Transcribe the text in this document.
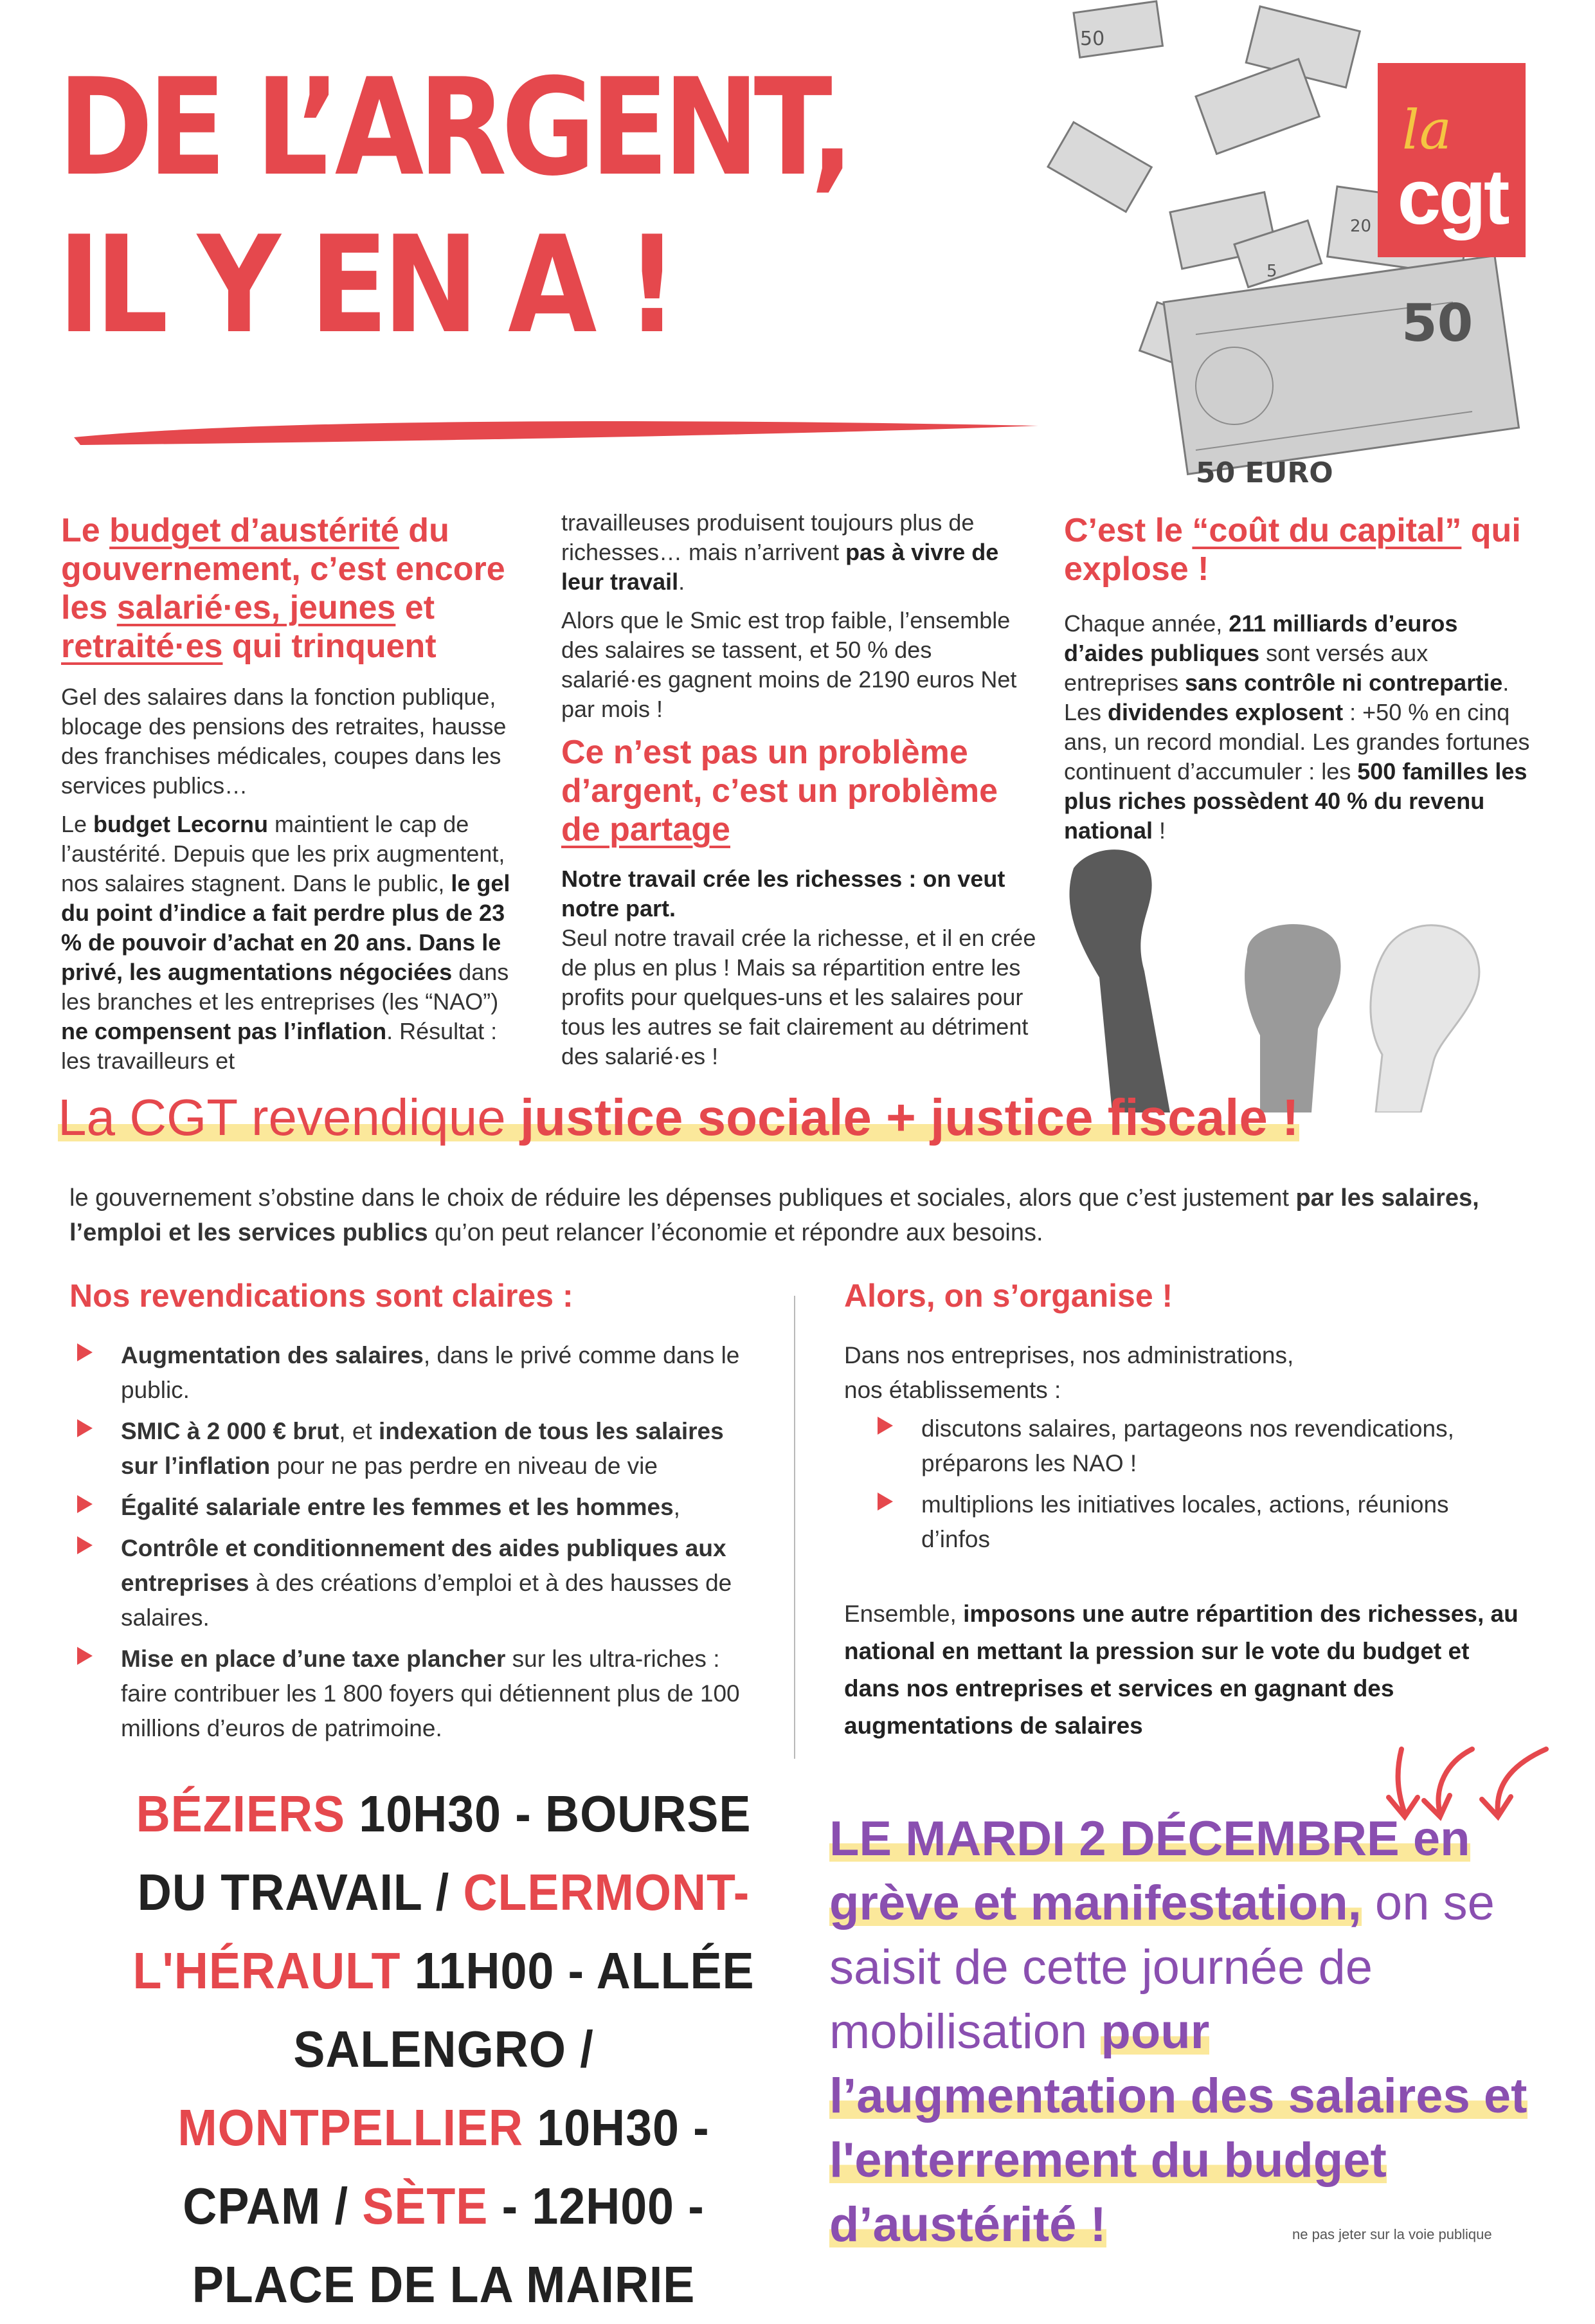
DE L’ARGENT,
IL Y EN A !
50
20
50 EURO
50
5
la
cgt
Le budget d’austérité du gouvernement, c’est encore les salarié·es, jeunes et retraité·es qui trinquent

Gel des salaires dans la fonction publique, blocage des pensions des retraites, hausse des franchises médicales, coupes dans les services publics…

Le budget Lecornu maintient le cap de l’austérité. Depuis que les prix augmentent, nos salaires stagnent. Dans le public, le gel du point d’indice a fait perdre plus de 23 % de pouvoir d’achat en 20 ans. Dans le privé, les augmentations négociées dans les branches et les entreprises (les “NAO”) ne compensent pas l’inflation. Résultat : les travailleurs et

travailleuses produisent toujours plus de richesses… mais n’arrivent pas à vivre de leur travail.

Alors que le Smic est trop faible, l’ensemble des salaires se tassent, et 50 % des salarié·es gagnent moins de 2190 euros Net par mois !

Ce n’est pas un problème d’argent, c’est un problème de partage

Notre travail crée les richesses : on veut notre part.

Seul notre travail crée la richesse, et il en crée de plus en plus ! Mais sa répartition entre les profits pour quelques-uns et les salaires pour tous les autres se fait clairement au détriment des salarié·es !

C’est le “coût du capital” qui explose !

Chaque année, 211 milliards d’euros d’aides publiques sont versés aux entreprises sans contrôle ni contrepartie. Les dividendes explosent : +50 % en cinq ans, un record mondial. Les grandes fortunes continuent d’accumuler : les 500 familles les plus riches possèdent 40 % du revenu national !

La CGT revendique justice sociale + justice fiscale !
le gouvernement s’obstine dans le choix de réduire les dépenses publiques et sociales, alors que c’est justement par les salaires, l’emploi et les services publics qu’on peut relancer l’économie et répondre aux besoins.
Nos revendications sont claires :
Augmentation des salaires, dans le privé comme dans le public.
SMIC à 2 000 € brut, et indexation de tous les salaires sur l’inflation pour ne pas perdre en niveau de vie
Égalité salariale entre les femmes et les hommes,
Contrôle et conditionnement des aides publiques aux entreprises à des créations d’emploi et à des hausses de salaires.
Mise en place d’une taxe plancher sur les ultra-riches : faire contribuer les 1 800 foyers qui détiennent plus de 100 millions d’euros de patrimoine.
Alors, on s’organise !

Dans nos entreprises, nos administrations, nos établissements :

discutons salaires, partageons nos revendications, préparons les NAO !
multiplions les initiatives locales, actions, réunions d’infos

Ensemble, imposons une autre répartition des richesses, au national en mettant la pression sur le vote du budget et dans nos entreprises et services en gagnant des augmentations de salaires

BÉZIERS 10H30 - BOURSE DU TRAVAIL / CLERMONT-L'HÉRAULT 11H00 - ALLÉE SALENGRO / MONTPELLIER 10H30 - CPAM / SÈTE - 12H00 - PLACE DE LA MAIRIE
LE MARDI 2 DÉCEMBRE en grève et manifestation, on se saisit de cette journée de mobilisation pour l’augmentation des salaires et l'enterrement du budget d’austérité !	ne pas jeter sur la voie publique
